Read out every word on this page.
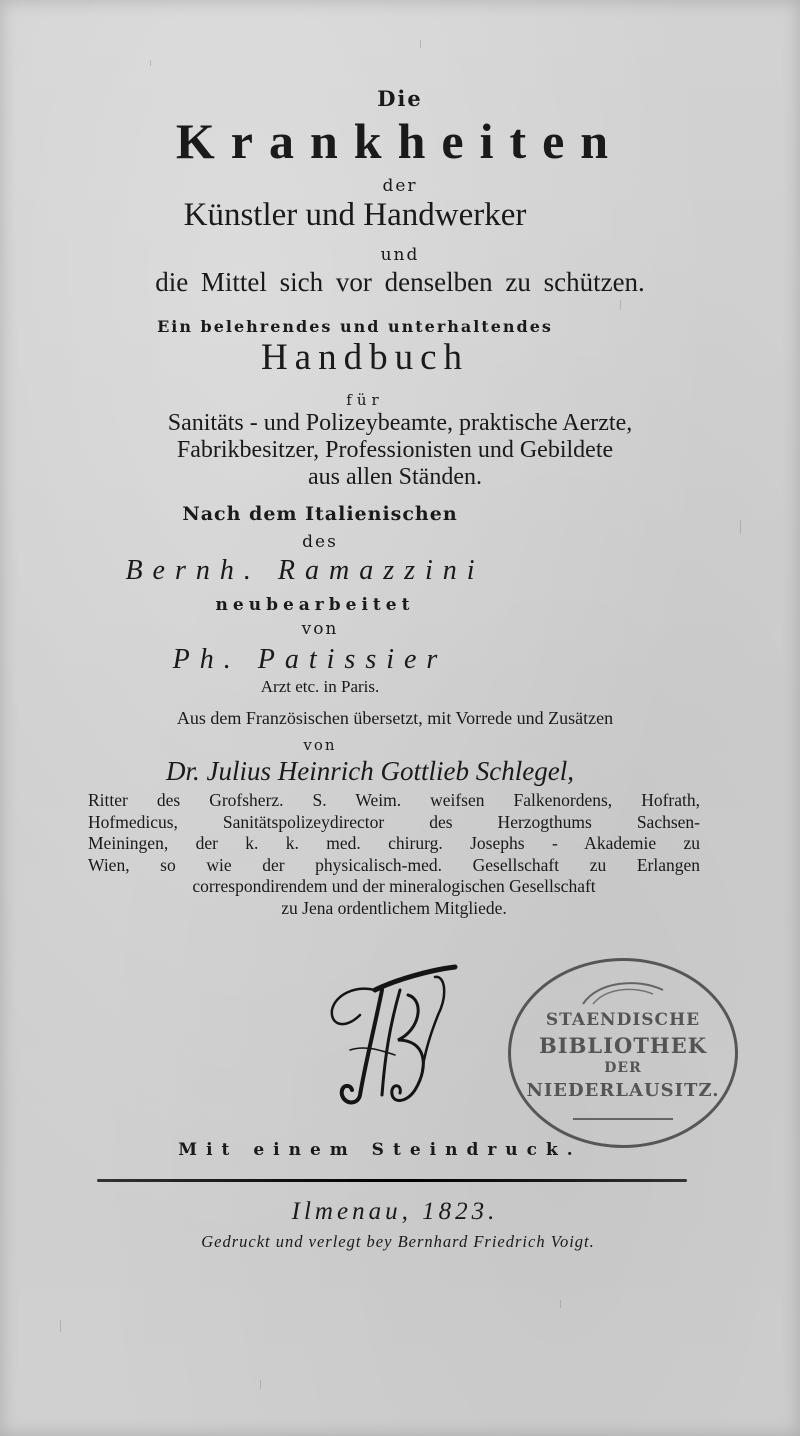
Die
Krankheiten
der
Künstler und Handwerker
und
die Mittel sich vor denselben zu schützen.
Ein belehrendes und unterhaltendes
Handbuch
für
Sanitäts - und Polizeybeamte, praktische Aerzte,
Fabrikbesitzer, Professionisten und Gebildete
aus allen Ständen.
Nach dem Italienischen
des
Bernh. Ramazzini
neubearbeitet
von
Ph. Patissier
Arzt etc. in Paris.
Aus dem Französischen übersetzt, mit Vorrede und Zusätzen
von
Dr. Julius Heinrich Gottlieb Schlegel,
Ritter des Grofsherz. S. Weim. weifsen Falkenordens, Hofrath,
Hofmedicus, Sanitätspolizeydirector des Herzogthums Sachsen-
Meiningen, der k. k. med. chirurg. Josephs - Akademie zu
Wien, so wie der physicalisch-med. Gesellschaft zu Erlangen
correspondirendem und der mineralogischen Gesellschaft
zu Jena ordentlichem Mitgliede.
STAENDISCHE
BIBLIOTHEK
DER
NIEDERLAUSITZ.
Mit einem Steindruck.
Ilmenau, 1823.
Gedruckt und verlegt bey Bernhard Friedrich Voigt.
